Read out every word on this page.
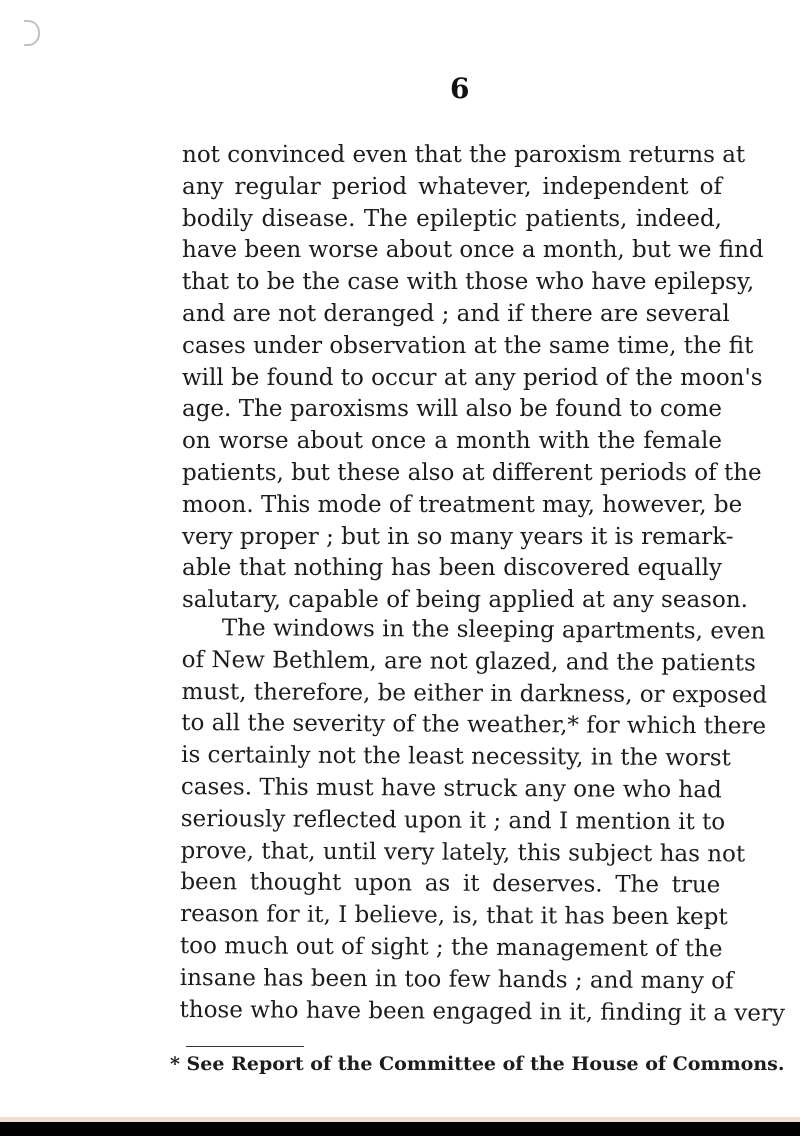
6
not convinced even that the paroxism returns at
any regular period whatever, independent of
bodily disease. The epileptic patients, indeed,
have been worse about once a month, but we find
that to be the case with those who have epilepsy,
and are not deranged ; and if there are several
cases under observation at the same time, the fit
will be found to occur at any period of the moon's
age. The paroxisms will also be found to come
on worse about once a month with the female
patients, but these also at different periods of the
moon. This mode of treatment may, however, be
very proper ; but in so many years it is remark-
able that nothing has been discovered equally
salutary, capable of being applied at any season.
The windows in the sleeping apartments, even
of New Bethlem, are not glazed, and the patients
must, therefore, be either in darkness, or exposed
to all the severity of the weather,* for which there
is certainly not the least necessity, in the worst
cases. This must have struck any one who had
seriously reflected upon it ; and I mention it to
prove, that, until very lately, this subject has not
been thought upon as it deserves. The true
reason for it, I believe, is, that it has been kept
too much out of sight ; the management of the
insane has been in too few hands ; and many of
those who have been engaged in it, finding it a very
* See Report of the Committee of the House of Commons.
